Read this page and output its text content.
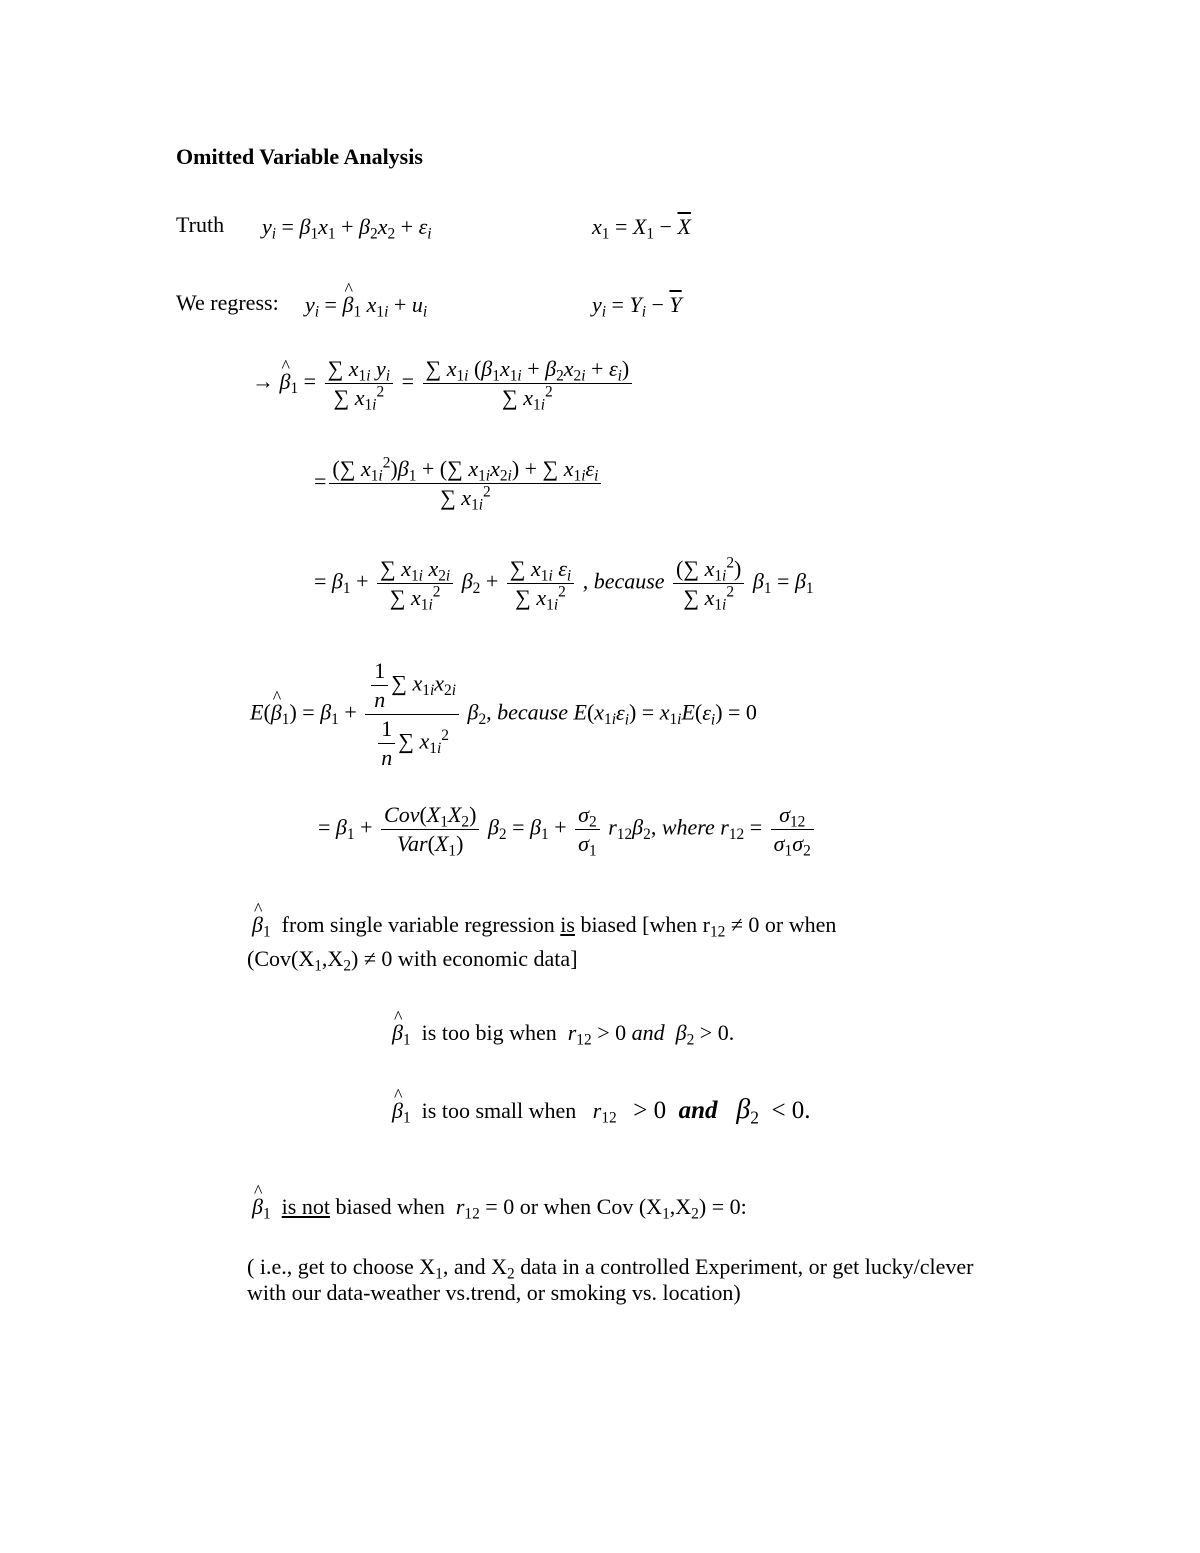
Omitted Variable Analysis
Truth $y_i = \beta_1x_1 + \beta_2x_2 + \varepsilon_i$	$x_1 = X_1 - \overline{X}$
We regress: $y_i$ = ^ $\beta_1$ $x_{1i} + u_i$	$y_i = Y_i - \overline{Y}$
→ ^ $\beta_1 = \frac{\sum x_{1i} y_i}{\sum x_{1i}^2} = \frac{\sum x_{1i} (\beta_1x_{1i} + \beta_2x_{2i} + \varepsilon_i)}{\sum x_{1i}^2}$
= $\frac{(\sum x_{1i}^2)\beta_1 + (\sum x_{1i}x_{2i}) + \sum x_{1i}\varepsilon_i}{\sum x_{1i}^2}$
= $\beta_1 + \frac{\sum x_{1i} x_{2i}}{\sum x_{1i}^2} \beta_2 + \frac{\sum x_{1i} \varepsilon_i}{\sum x_{1i}^2}$ , because $\frac{(\sum x_{1i}^2)}{\sum x_{1i}^2} \beta_1 = \beta_1$
E(^ $\beta_1) = \beta_1 + \frac{\frac{1}{n} \sum x_{1i}x_{2i}}{\frac{1}{n} \sum x_{1i}^2} \beta_2$, because $E(x_{1i}\varepsilon_i) = x_{1i}E(\varepsilon_i) = 0$
= $\beta_1 + \frac{Cov(X_1X_2)}{Var(X_1)} \beta_2 = \beta_1 + \frac{\sigma_2}{\sigma_1} r_{12}\beta_2$, where $r_{12} = \frac{\sigma_{12}}{\sigma_1\sigma_2}$
^ $\beta_1$ from single variable regression is biased [when $r_{12} \ne 0$ or when
($Cov(X_1,X_2) \ne 0$ with economic data]
^ $\beta_1$ is too big when $r_{12} > 0$ and $\beta_2 > 0$.
^ $\beta_1$ is too small when $r_{12} > 0$  and $\beta_2 < 0$.
^ $\beta_1$ is not biased when $r_{12} = 0$ or when Cov $(X_1,X_2) = 0$:
( i.e., get to choose $X_1$, and $X_2$ data in a controlled Experiment, or get lucky/clever
with our data-weather vs.trend, or smoking vs. location)
